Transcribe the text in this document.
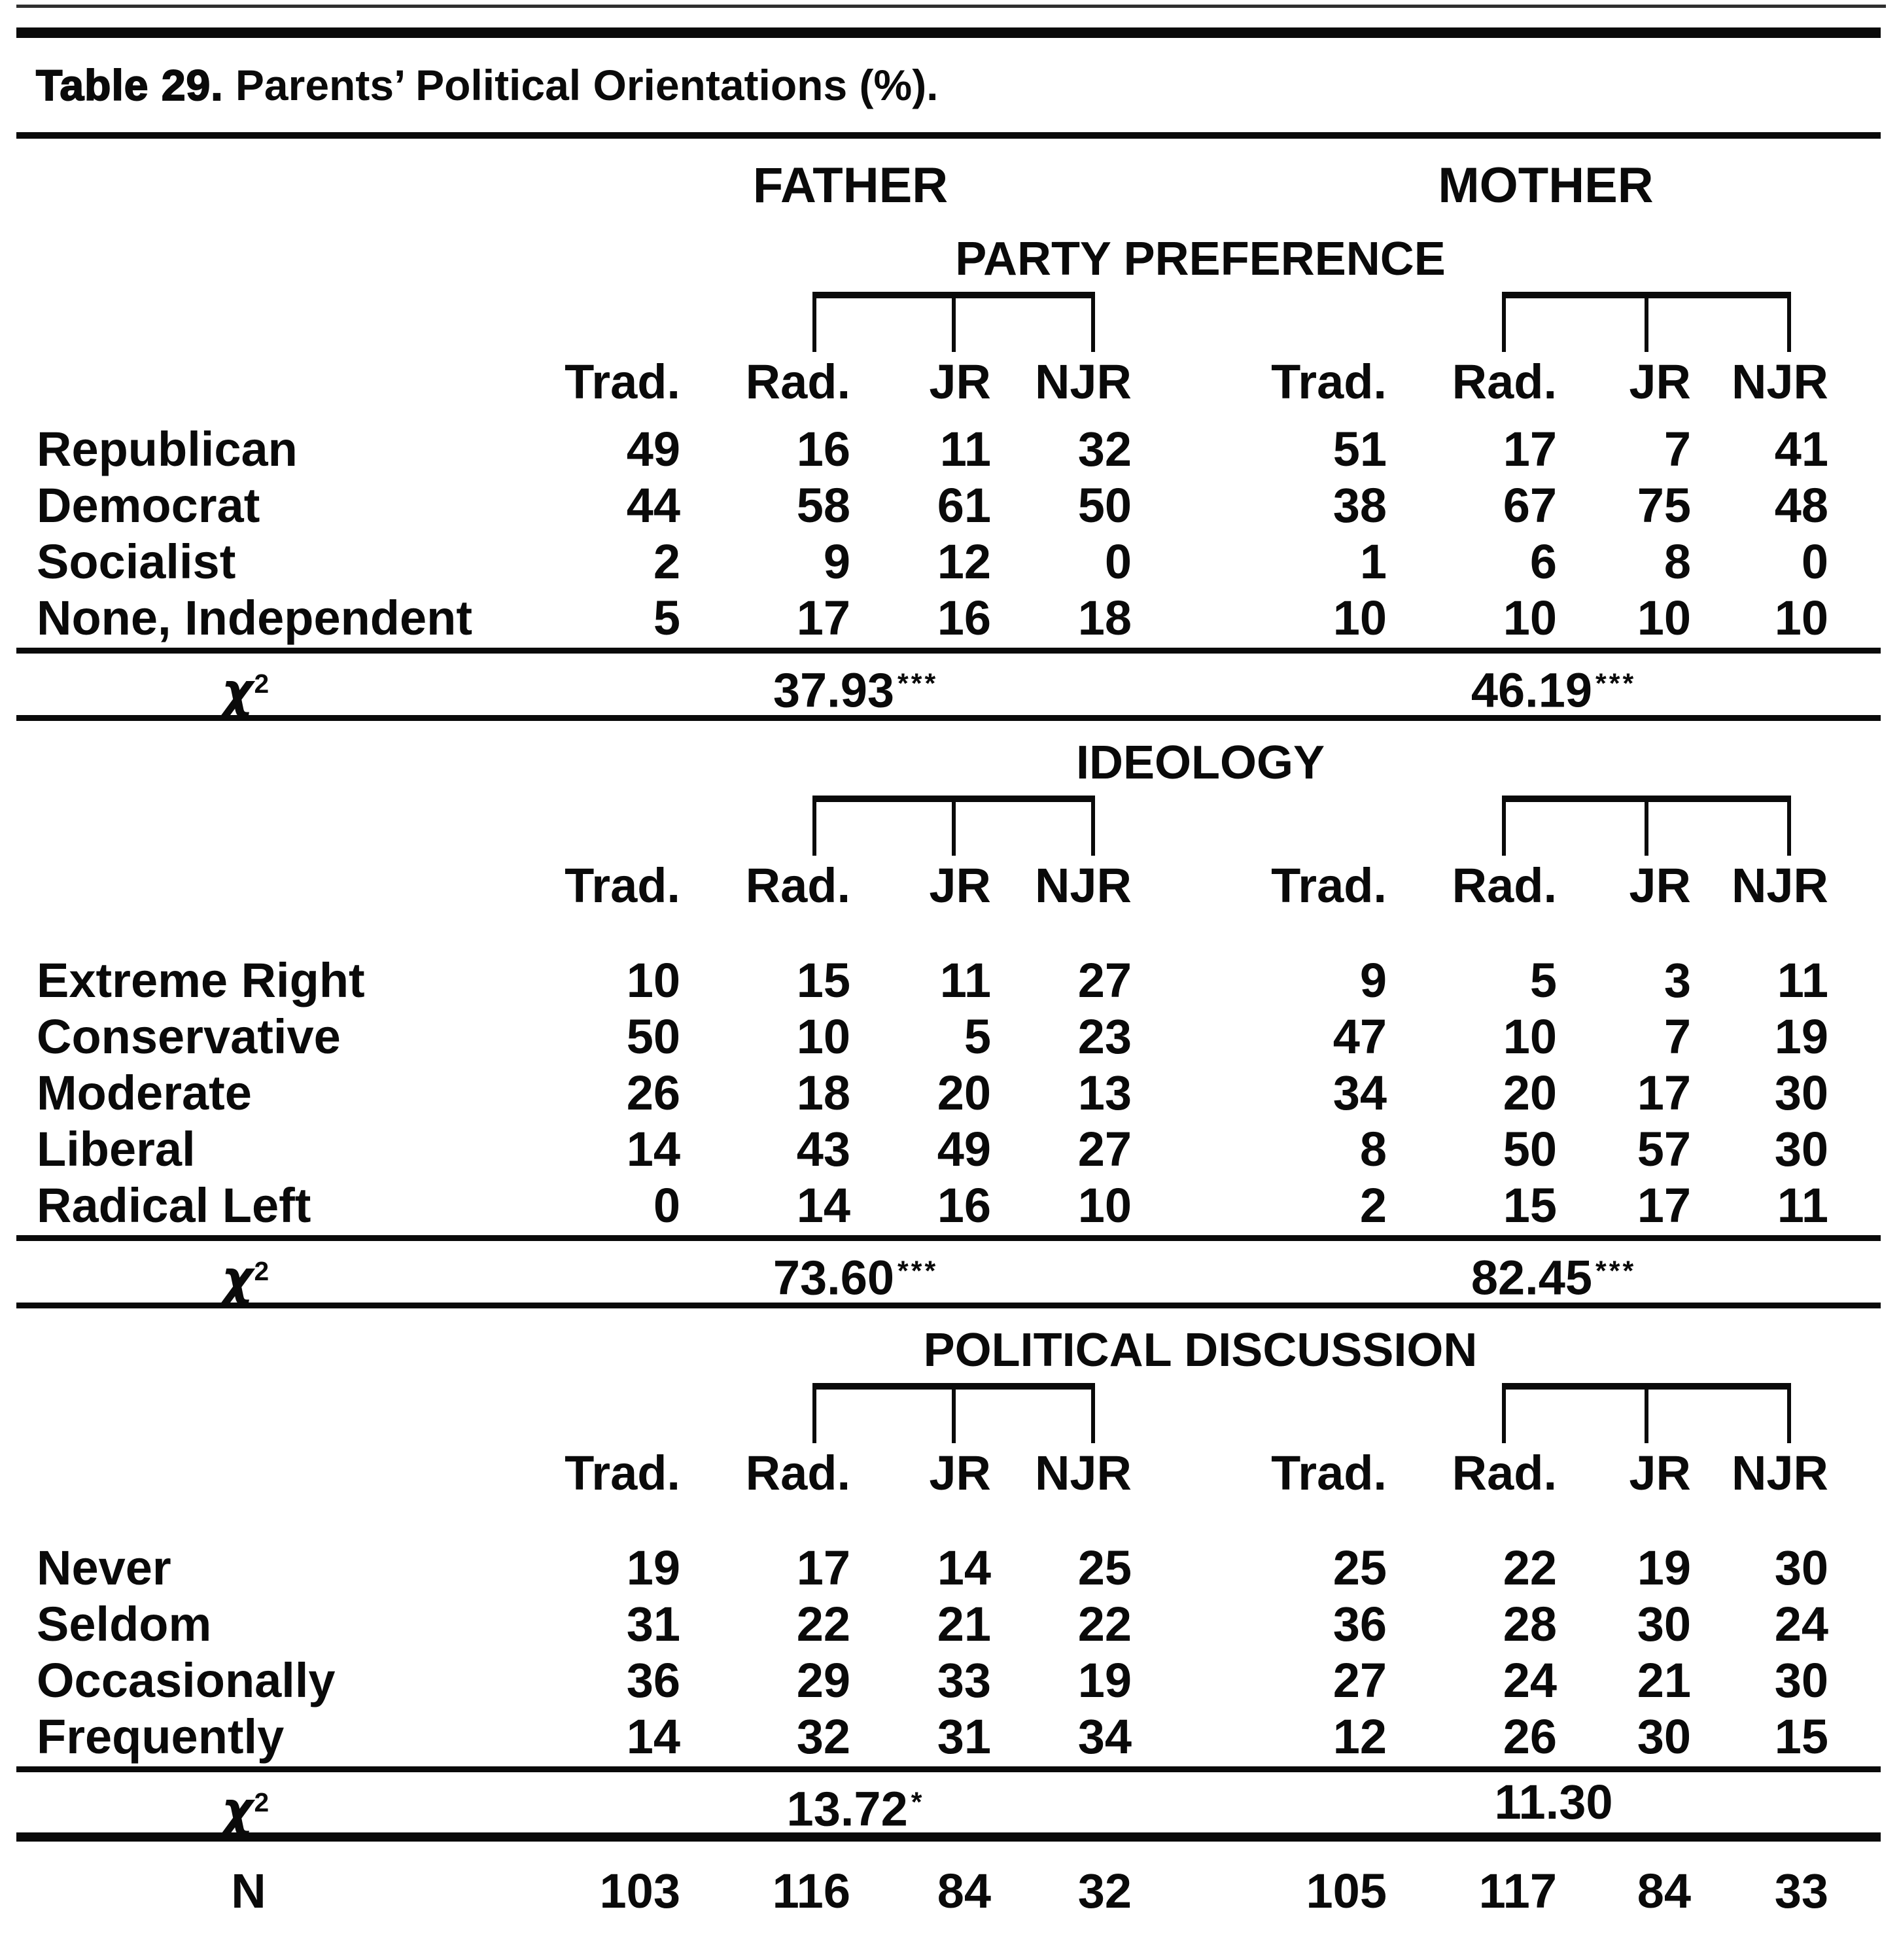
Table 29. Parents’ Political Orientations (%).
FATHER	MOTHER
PARTY PREFERENCE
Trad.	Rad.	JR NJR	Trad.	Rad.	JR NJR
Republican	49	16	11	32	51	17	7	41
Democrat	44	58	61	50	38	67	75	48
Socialist	2	9	12	0	1	6	8	0
None, Independent	5	17	16	18	10	10	10	10
$\chi^2$	37.93 ***	46.19 ***
IDEOLOGY
Trad.	Rad.	JR NJR	Trad.	Rad.	JR NJR
Extreme Right	10	15	11	27	9	5	3	11
Conservative	50	10	5	23	47	10	7	19
Moderate	26	18	20	13	34	20	17	30
Liberal	14	43	49	27	8	50	57	30
Radical Left	0	14	16	10	2	15	17	11
$\chi^2$	73.60 ***	82.45 ***
POLITICAL DISCUSSION
Trad.	Rad.	JR NJR	Trad.	Rad.	JR NJR
Never	19	17	14	25	25	22	19	30
Seldom	31	22	21	22	36	28	30	24
Occasionally	36	29	33	19	27	24	21	30
Frequently	14	32	31	34	12	26	30	15
$\chi^2$	13.72 *	11.30
N	103	116	84	32	105	117	84	33
